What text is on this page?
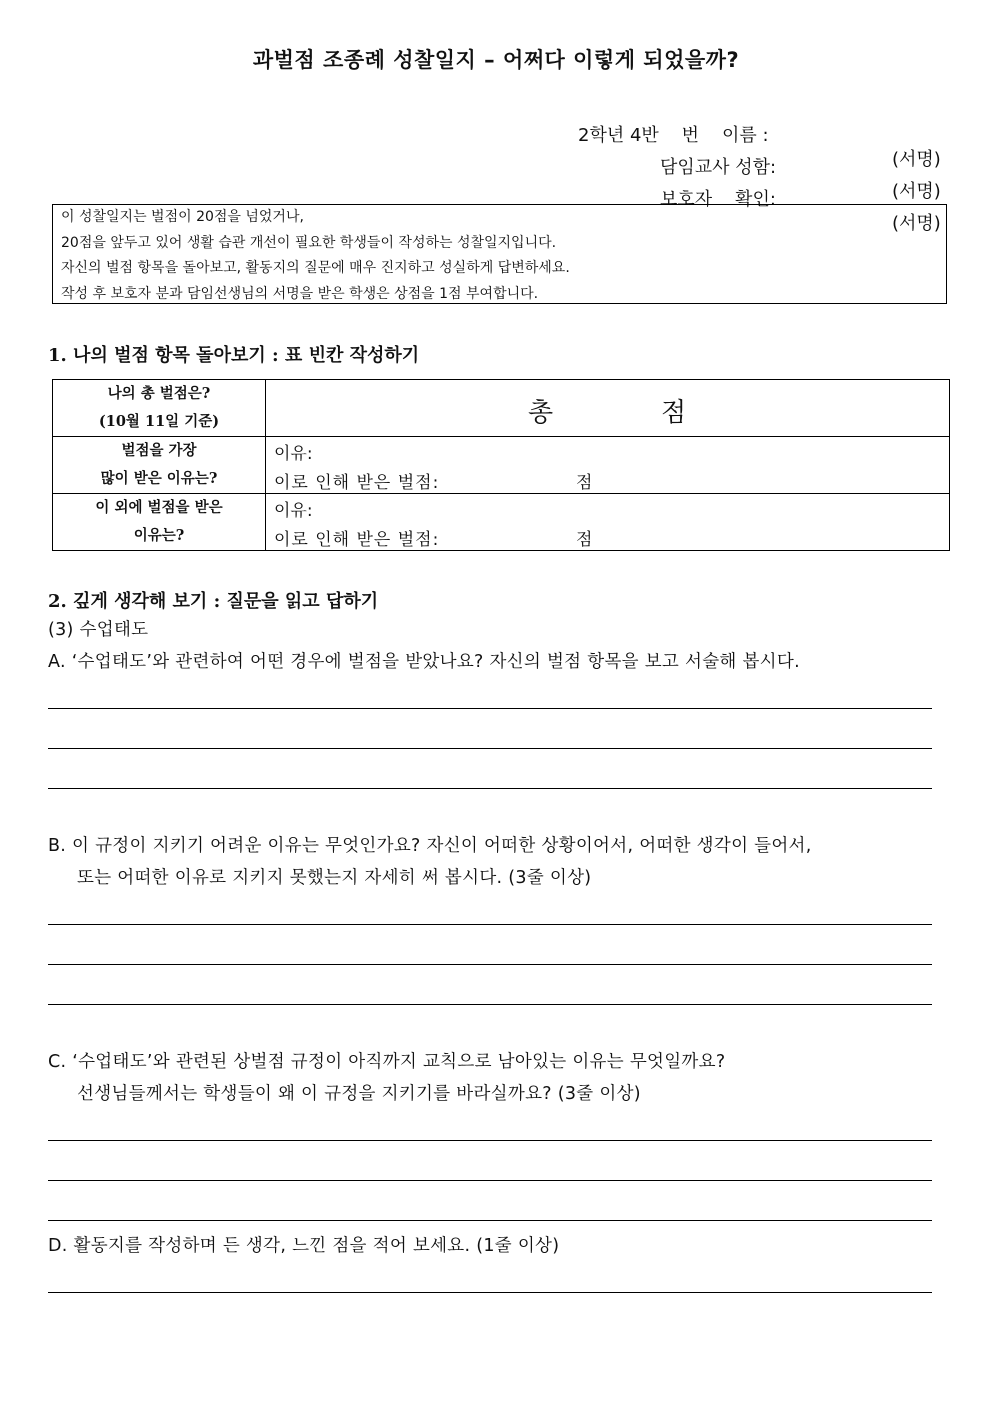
과벌점 조종례 성찰일지 – 어쩌다 이렇게 되었을까?

2학년 4반    번    이름 :

(서명)

담임교사 성함:

(서명)

보호자    확인:

(서명)

이 성찰일지는 벌점이 20점을 넘었거나,
20점을 앞두고 있어 생활 습관 개선이 필요한 학생들이 작성하는 성찰일지입니다.
자신의 벌점 항목을 돌아보고, 활동지의 질문에 매우 진지하고 성실하게 답변하세요.
작성 후 보호자 분과 담임선생님의 서명을 받은 학생은 상점을 1점 부여합니다.
1. 나의 벌점 항목 돌아보기 : 표 빈칸 작성하기
나의 총 벌점은?
(10월 11일 기준)	총	점

벌점을 가장
많이 받은 이유는?

이유:
이로 인해 받은 벌점:	점

이 외에 벌점을 받은
이유는?

이유:
이로 인해 받은 벌점:	점
2. 깊게 생각해 보기 : 질문을 읽고 답하기
(3) 수업태도
A. ‘수업태도’와 관련하여 어떤 경우에 벌점을 받았나요? 자신의 벌점 항목을 보고 서술해 봅시다.
B. 이 규정이 지키기 어려운 이유는 무엇인가요? 자신이 어떠한 상황이어서, 어떠한 생각이 들어서,
또는 어떠한 이유로 지키지 못했는지 자세히 써 봅시다. (3줄 이상)
C. ‘수업태도’와 관련된 상벌점 규정이 아직까지 교칙으로 남아있는 이유는 무엇일까요?
선생님들께서는 학생들이 왜 이 규정을 지키기를 바라실까요? (3줄 이상)
D. 활동지를 작성하며 든 생각, 느낀 점을 적어 보세요. (1줄 이상)
